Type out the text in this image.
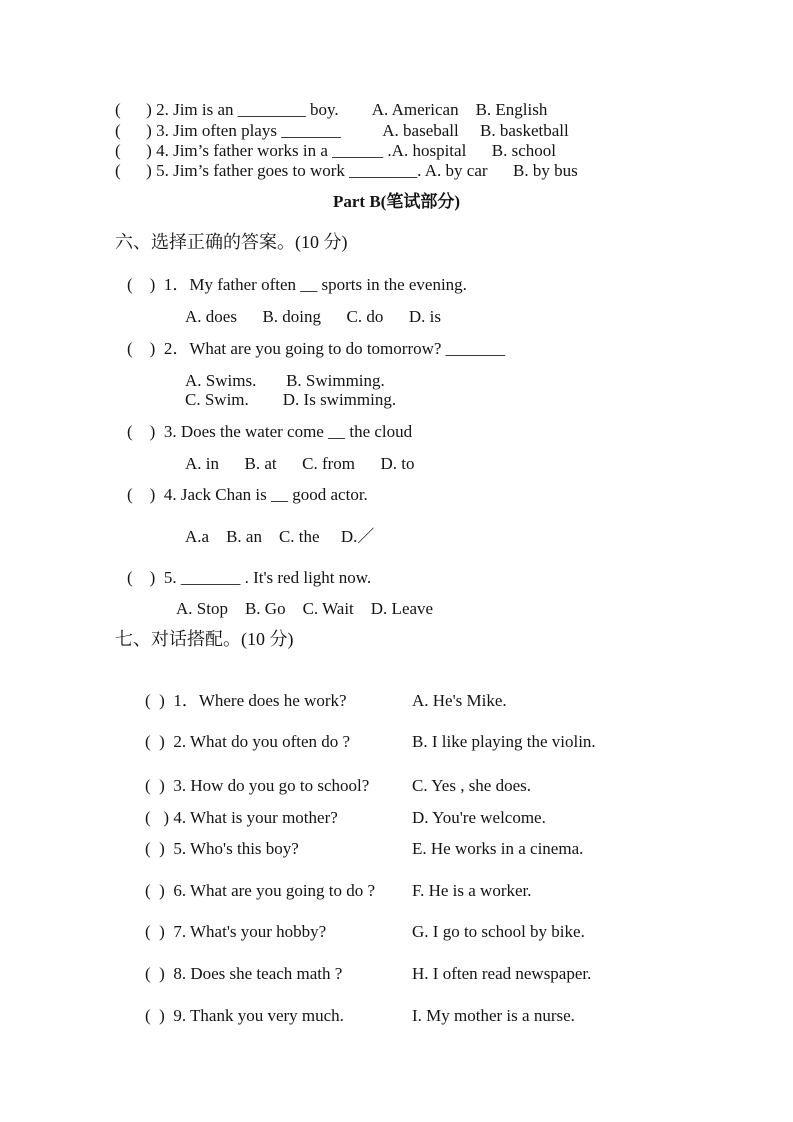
(      ) 2. Jim is an ________ boy.        A. American    B. English
(      ) 3. Jim often plays _______          A. baseball     B. basketball
(      ) 4. Jim’s father works in a ______ .A. hospital      B. school
(      ) 5. Jim’s father goes to work ________. A. by car      B. by bus
Part B(笔试部分)
六、选择正确的答案。(10 分)
(    )  1．My father often __ sports in the evening.
A. does      B. doing      C. do      D. is
(    )  2．What are you going to do tomorrow? _______
A. Swims.       B. Swimming.
C. Swim.        D. Is swimming.
(    )  3. Does the water come __ the cloud
A. in      B. at      C. from      D. to
(    )  4. Jack Chan is __ good actor.
A.a    B. an    C. the     D.／
(    )  5. _______ . It's red light now.
A. Stop    B. Go    C. Wait    D. Leave
七、对话搭配。(10 分)

(  )  1．Where does he work?	A. He's Mike.

(  )  2. What do you often do ?	B. I like playing the violin.

(  )  3. How do you go to school?	C. Yes , she does.

(   ) 4. What is your mother?	D. You're welcome.

(  )  5. Who's this boy?	E. He works in a cinema.

(  )  6. What are you going to do ? F. He is a worker.

(  )  7. What's your hobby?	G. I go to school by bike.

(  )  8. Does she teach math ?	H. I often read newspaper.

(  )  9. Thank you very much.	I. My mother is a nurse.
